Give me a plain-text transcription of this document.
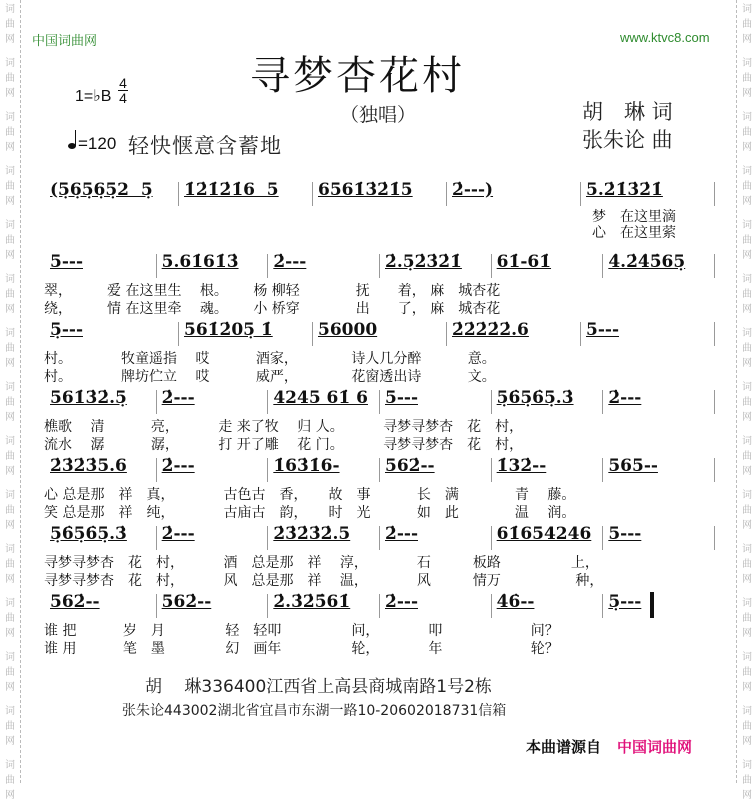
词
曲
网
词
曲
网
词
曲
网
词
曲
网
词
曲
网
词
曲
网
词
曲
网
词
曲
网
词
曲
网
词
曲
网
词
曲
网
词
曲
网
词
曲
网
词
曲
网
词
曲
网
词
曲
网
词
曲
网
词
曲
网
词
曲
网
词
曲
网
词
曲
网
词
曲
网
词
曲
网
词
曲
网
词
曲
网
词
曲
网
词
曲
网
词
曲
网
词
曲
网
词
曲
网
中国词曲网	www.ktvc8.com
寻梦杏花村
（独唱）
1=♭B
4
4
=120 轻快惬意含蓄地
胡　琳 词
张朱论 曲
(5̣6̣5̣6̣5̣2  5̣ 1̇2̇1̇2̇1̇6  5 6561̇3̇2̇1̇5 2̇---)	5.2̇1̇3̇2̇1̇
5---	5.61̇61̇3̇ 2̇---	2̇.5̣2̇3̇2̇1̇ 61̇-61̇	4̇.2̇4̇5̇65̣
5̣---	561̇2̇05̣ 1̇	56000	2̇2̇2̇2̇2̇.6	5---
561̇3̇2̇.5̣ 2̇---	4245 61̇ 6 5---	5̣6̇5̣6̇5̣.3̇ 2̇---
2̇3̇2̇3̇5.6 2̇---	1̇63̇1̇6-	562̇--	1̇32̇--	565--
5̣6̇5̣6̇5̣.3̇ 2̇---	2̇3̇2̇3̇2̇.5 2̇---	61̇654246 5---
562̇--	562̇--	2̇.3̇2̇5̇61̇ 2̇---	4̇6̇--	5̣---
梦　在这里滴
心　在这里萦
翠，　　　爱 在这里生　 根。　　 杨 柳轻　　　　抚　　着， 麻　城杏花
绕，　　　情 在这里牵　 魂。　　 小 桥穿　　　　出　　了， 麻　城杏花
村。　　　　牧童遥指　 哎　　　 酒家，　　　　 诗人几分醉　　　 意。
村。　　　　牌坊伫立　 哎　　　 威严，　　　　 花窗透出诗　　　 文。
樵歌　 清　　　 亮，　　　 走 来了牧　 归 人。　　　 寻梦寻梦杏　花　村，
流水　 潺　　　 潺，　　　 打 开了雕　 花 门。　　　 寻梦寻梦杏　花　村，
心 总是那　祥　真，　　　　古色古　香，　　故　事　　　 长　满　　　　青　 藤。
笑 总是那　祥　纯，　　　　古庙古　韵，　　时　光　　　 如　此　　　　温　 润。
寻梦寻梦杏　花　村，　　　 酒　总是那　祥　 淳，　　　　石　　　板路　　　　　上，
寻梦寻梦杏　花　村，　　　 风　总是那　祥　 温，　　　　风　　　情万　　　　　 种，
谁 把　　　 岁　月　　　　 轻　轻叩　　　　　问，　　　　叩　　　　　　 问？
谁 用　　　 笔　墨　　　　 幻　画年　　　　　轮，　　　　年　　　　　　 轮？
胡　 琳336400江西省上高县商城南路1号2栋
张朱论443002湖北省宜昌市东湖一路10-20602018731信箱
本曲谱源自 中国词曲网
